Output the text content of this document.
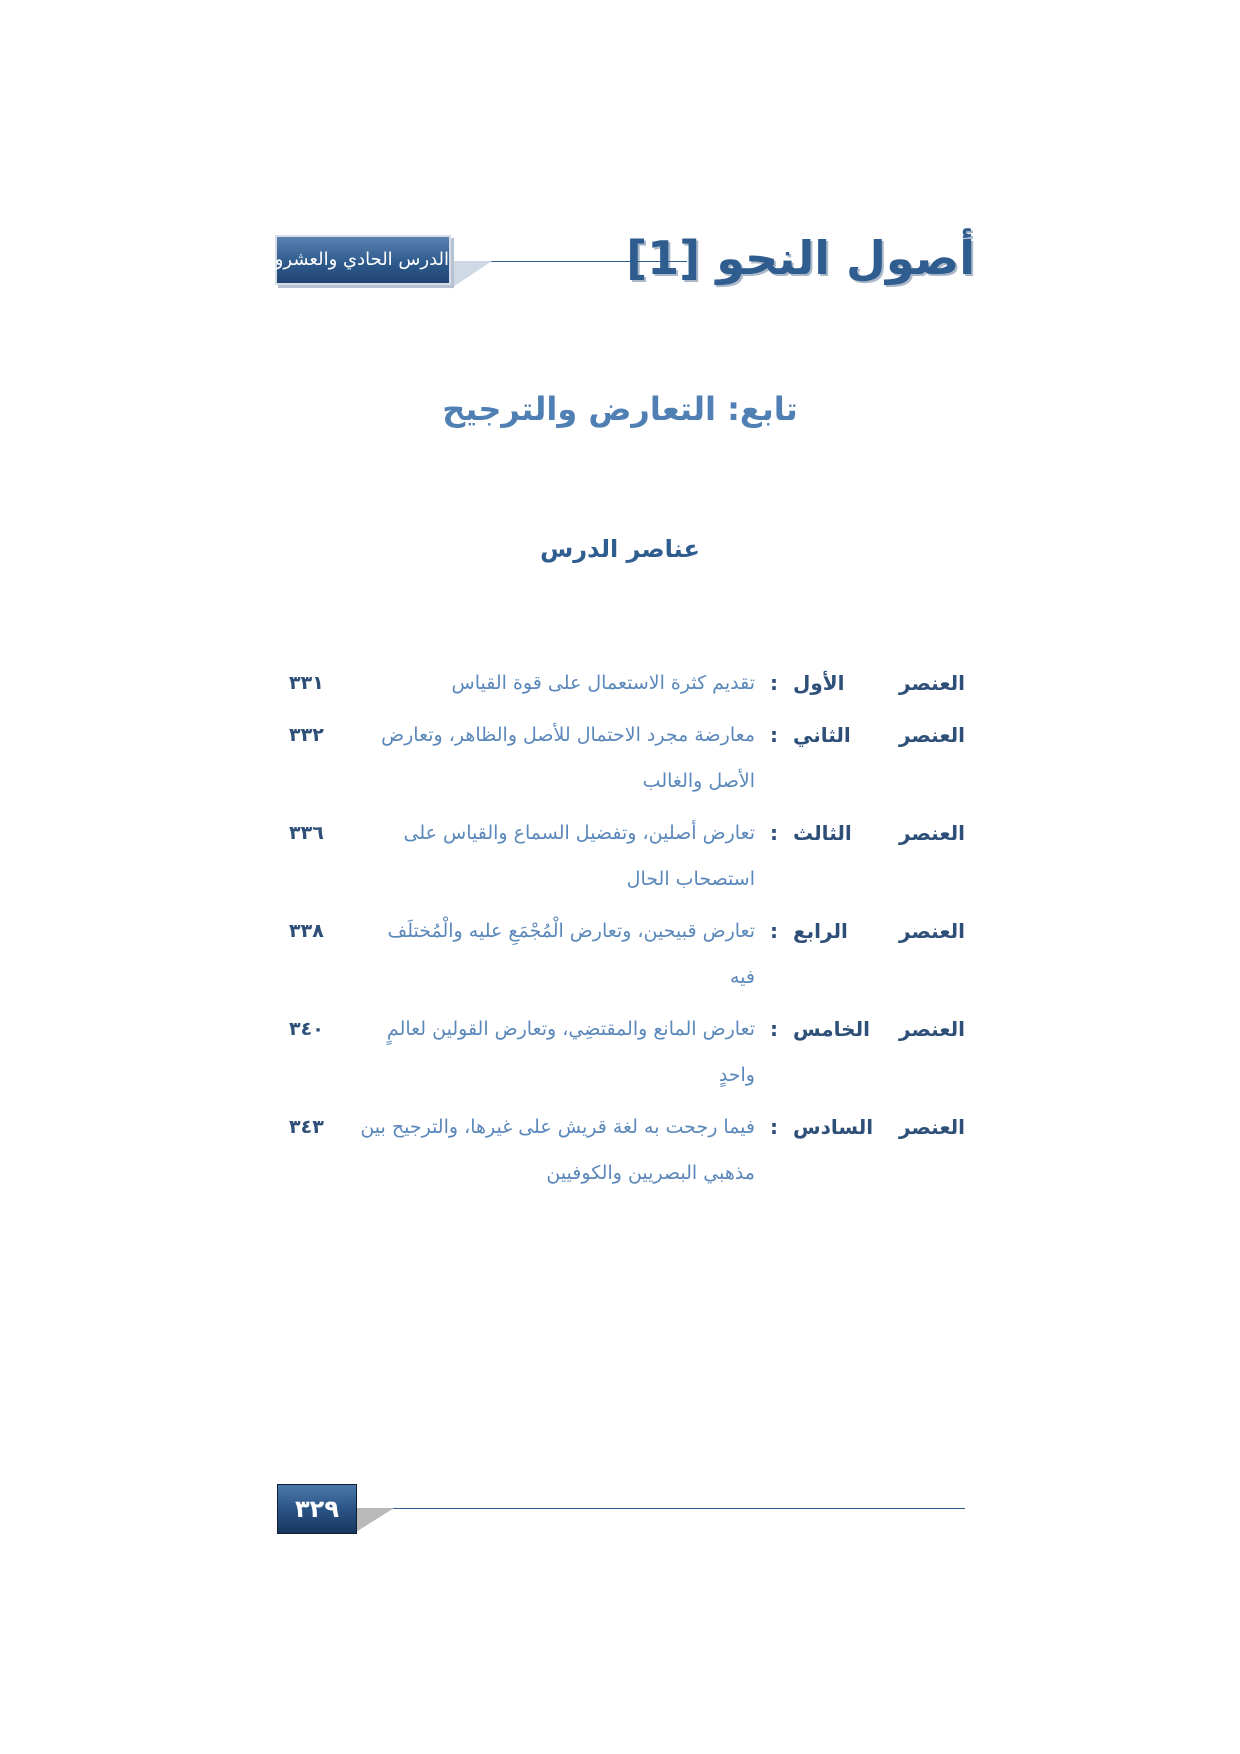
أصول النحو [1]
الدرس الحادي والعشرون
تابع: التعارض والترجيح
عناصر الدرس
العنصر الأول
:
تقديم كثرة الاستعمال على قوة القياس
٣٣١
العنصر الثاني
:
معارضة مجرد الاحتمال للأصل والظاهر، وتعارض الأصل والغالب
٣٣٢
العنصر الثالث
:
تعارض أصلين، وتفضيل السماع والقياس على استصحاب الحال
٣٣٦
العنصر الرابع
:
تعارض قبيحين، وتعارض الْمُجْمَعِ عليه والْمُختلَف فيه
٣٣٨
العنصر الخامس
:
تعارض المانع والمقتضِي، وتعارض القولين لعالمٍ واحدٍ
٣٤٠
العنصر السادس
:
فيما رجحت به لغة قريش على غيرها، والترجيح بين مذهبي البصريين والكوفيين
٣٤٣
٣٢٩
